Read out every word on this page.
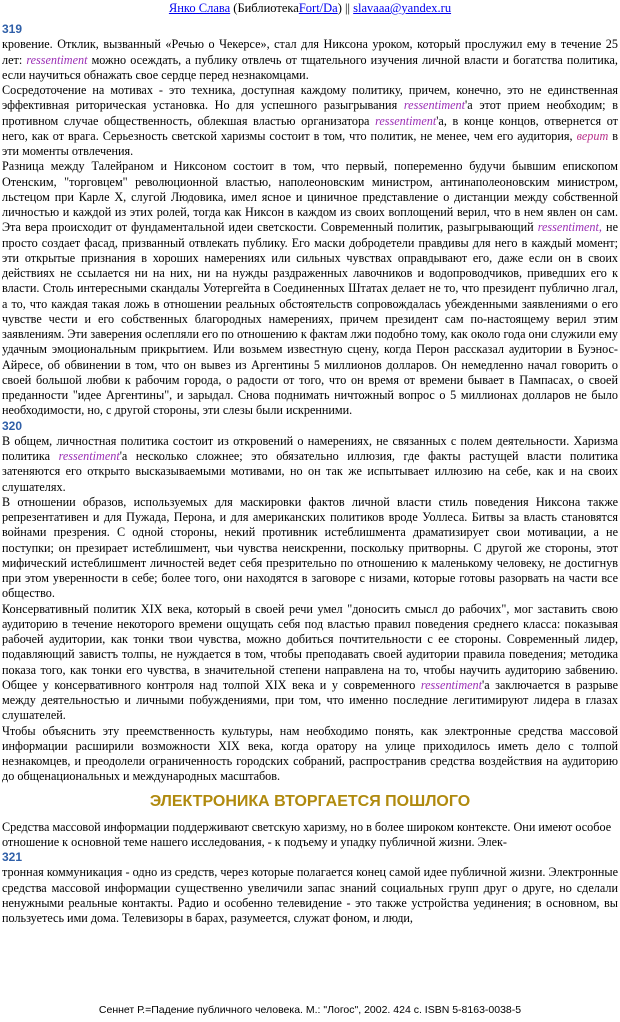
Янко Слава (БиблиотекаFort/Da) || slavaaa@yandex.ru
319

кровение. Отклик, вызванный «Речью о Чекерсе», стал для Никсона уроком, который прослужил ему в течение 25 лет: ressentiment можно осеждать, а публику отвлечь от тщательного изучения личной власти и богатства политика, если научиться обнажать свое сердце перед незнакомцами.

Сосредоточение на мотивах - это техника, доступная каждому политику, причем, конечно, это не единственная эффективная риторическая установка. Но для успешного разыгрывания ressentiment'а этот прием необходим; в противном случае общественность, облекшая властью организатора ressentiment'а, в конце концов, отвернется от него, как от врага. Серьезность светской харизмы состоит в том, что политик, не менее, чем его аудитория, верит в эти моменты отвлечения.

Разница между Талейраном и Никсоном состоит в том, что первый, попеременно будучи бывшим епископом Отенским, "торговцем" революционной властью, наполеоновским министром, антинаполеоновским министром, льстецом при Карле X, слугой Людовика, имел ясное и циничное представление о дистанции между собственной личностью и каждой из этих ролей, тогда как Никсон в каждом из своих воплощений верил, что в нем явлен он сам. Эта вера происходит от фундаментальной идеи светскости. Современный политик, разыгрывающий ressentiment, не просто создает фасад, призванный отвлекать публику. Его маски добродетели правдивы для него в каждый момент; эти открытые признания в хороших намерениях или сильных чувствах оправдывают его, даже если он в своих действиях не ссылается ни на них, ни на нужды раздраженных лавочников и водопроводчиков, приведших его к власти. Столь интересными скандалы Уотергейта в Соединенных Штатах делает не то, что президент публично лгал, а то, что каждая такая ложь в отношении реальных обстоятельств сопровождалась убежденными заявлениями о его чувстве чести и его собственных благородных намерениях, причем президент сам по-настоящему верил этим заявлениям. Эти заверения ослепляли его по отношению к фактам лжи подобно тому, как около года они служили ему удачным эмоциональным прикрытием. Или возьмем известную сцену, когда Перон рассказал аудитории в Буэнос-Айресе, об обвинении в том, что он вывез из Аргентины 5 миллионов долларов. Он немедленно начал говорить о своей большой любви к рабочим города, о радости от того, что он время от времени бывает в Пампасах, о своей преданности "идее Аргентины", и зарыдал. Снова поднимать ничтожный вопрос о 5 миллионах долларов не было необходимости, но, с другой стороны, эти слезы были искренними.

320

В общем, личностная политика состоит из откровений о намерениях, не связанных с полем деятельности. Харизма политика ressentiment'а несколько сложнее; это обязательно иллюзия, где факты растущей власти политика затеняются его открыто высказываемыми мотивами, но он так же испытывает иллюзию на себе, как и на своих слушателях.

В отношении образов, используемых для маскировки фактов личной власти стиль поведения Никсона также репрезентативен и для Пужада, Перона, и для американских политиков вроде Уоллеса. Битвы за власть становятся войнами презрения. С одной стороны, некий противник истеблишмента драматизирует свои мотивации, а не поступки; он презирает истеблишмент, чьи чувства неискренни, поскольку притворны. С другой же стороны, этот мифический истеблишмент личностей ведет себя презрительно по отношению к маленькому человеку, не достигнув при этом уверенности в себе; более того, они находятся в заговоре с низами, которые готовы разорвать на части все общество.

Консервативный политик XIX века, который в своей речи умел "доносить смысл до рабочих", мог заставить свою аудиторию в течение некоторого времени ощущать себя под властью правил поведения среднего класса: показывая рабочей аудитории, как тонки твои чувства, можно добиться почтительности с ее стороны. Современный лидер, подавляющий завистъ толпы, не нуждается в том, чтобы преподавать своей аудитории правила поведения; методика показа того, как тонки его чувства, в значительной степени направлена на то, чтобы научить аудиторию забвению. Общее у консервативного контроля над толпой XIX века и у современного ressentiment'а заключается в разрыве между деятельностью и личными побуждениями, при том, что именно последние легитимируют лидера в глазах слушателей.

Чтобы объяснить эту преемственность культуры, нам необходимо понять, как электронные средства массовой информации расширили возможности XIX века, когда оратору на улице приходилось иметь дело с толпой незнакомцев, и преодолели ограниченность городских собраний, распространив средства воздействия на аудиторию до общенациональных и международных масштабов.

ЭЛЕКТРОНИКА ВТОРГАЕТСЯ ПОШЛОГО

Средства массовой информации поддерживают светскую харизму, но в более широком контексте. Они имеют особое отношение к основной теме нашего исследования, - к подъему и упадку публичной жизни. Элек-

321

тронная коммуникация - одно из средств, через которые полагается конец самой идее публичной жизни. Электронные средства массовой информации существенно увеличили запас знаний социальных групп друг о друге, но сделали ненужными реальные контакты. Радио и особенно телевидение - это также устройства уединения; в основном, вы пользуетесь ими дома. Телевизоры в барах, разумеется, служат фоном, и люди,

Сеннет Р.=Падение публичного человека. М.: "Логос", 2002. 424 с. ISBN 5-8163-0038-5
